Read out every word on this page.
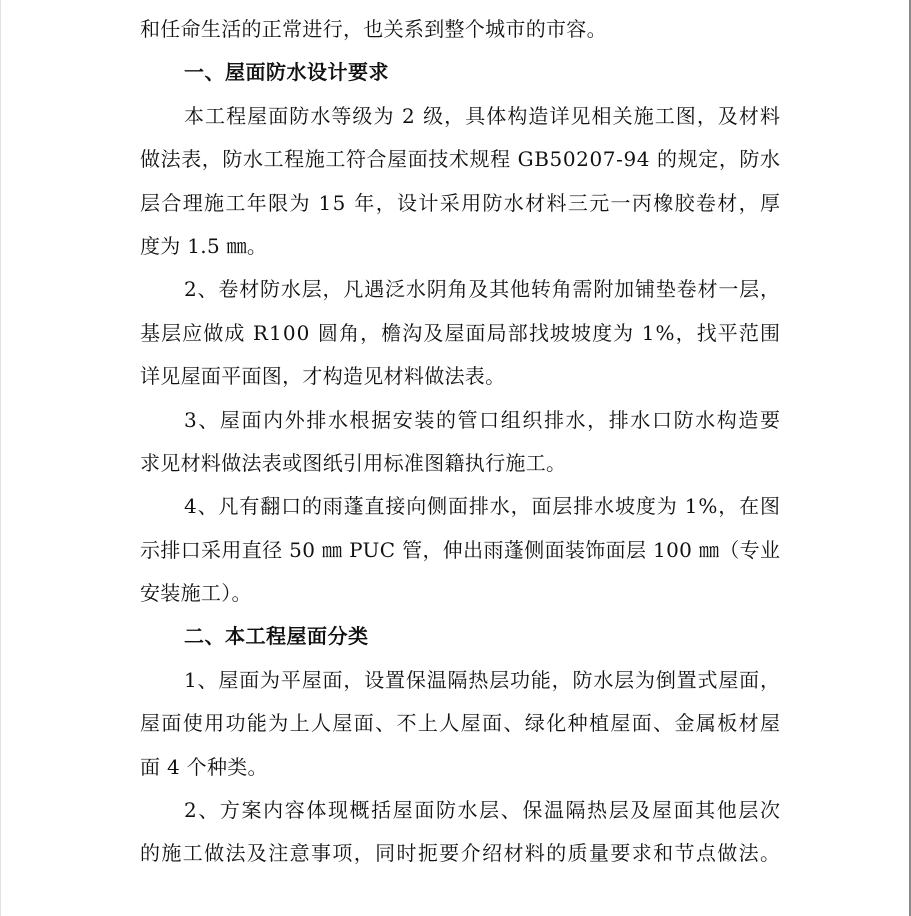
和任命生活的正常进行，也关系到整个城市的市容。
一、屋面防水设计要求
本工程屋面防水等级为 2 级，具体构造详见相关施工图，及材料
做法表，防水工程施工符合屋面技术规程 GB50207-94 的规定，防水
层合理施工年限为 15 年，设计采用防水材料三元一丙橡胶卷材，厚
度为 1.5 ㎜。
2、卷材防水层，凡遇泛水阴角及其他转角需附加铺垫卷材一层，
基层应做成 R100 圆角，檐沟及屋面局部找坡坡度为 1%，找平范围
详见屋面平面图，才构造见材料做法表。
3、屋面内外排水根据安装的管口组织排水，排水口防水构造要
求见材料做法表或图纸引用标准图籍执行施工。
4、凡有翻口的雨蓬直接向侧面排水，面层排水坡度为 1%，在图
示排口采用直径 50 ㎜ PUC 管，伸出雨蓬侧面装饰面层 100 ㎜（专业
安装施工）。
二、本工程屋面分类
1、屋面为平屋面，设置保温隔热层功能，防水层为倒置式屋面，
屋面使用功能为上人屋面、不上人屋面、绿化种植屋面、金属板材屋
面 4 个种类。
2、方案内容体现概括屋面防水层、保温隔热层及屋面其他层次
的施工做法及注意事项，同时扼要介绍材料的质量要求和节点做法。
